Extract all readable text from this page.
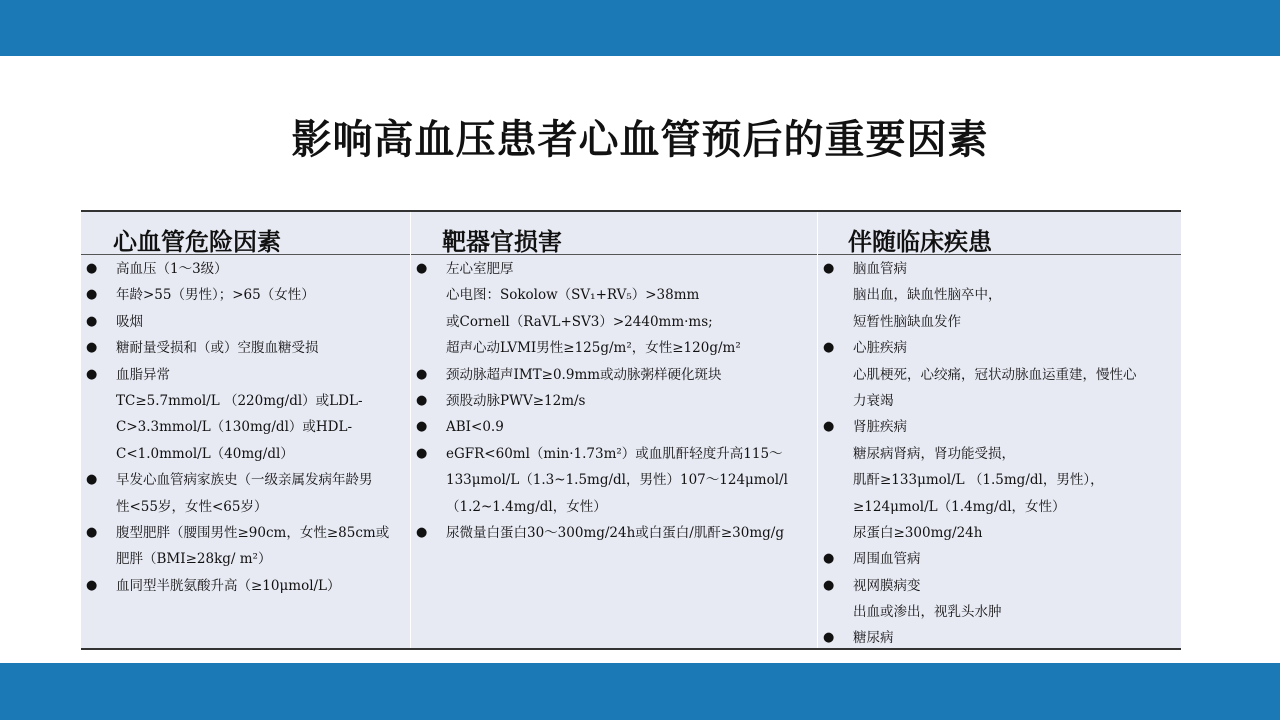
影响高血压患者心血管预后的重要因素
心血管危险因素	靶器官损害	伴随临床疾患
● 高血压（1～3级）
● 年龄>55（男性）；>65（女性）
● 吸烟
● 糖耐量受损和（或）空腹血糖受损
● 血脂异常
TC≥5.7mmol/L （220mg/dl）或LDL-
C>3.3mmol/L（130mg/dl）或HDL-
C<1.0mmol/L（40mg/dl）
● 早发心血管病家族史（一级亲属发病年龄男
性<55岁，女性<65岁）
● 腹型肥胖（腰围男性≥90cm，女性≥85cm或
肥胖（BMI≥28kg/ m²）
● 血同型半胱氨酸升高（≥10μmol/L）
● 左心室肥厚
心电图：Sokolow（SV₁+RV₅）>38mm
或Cornell（RaVL+SV3）>2440mm·ms;
超声心动LVMI男性≥125g/m²，女性≥120g/m²
● 颈动脉超声IMT≥0.9mm或动脉粥样硬化斑块
● 颈股动脉PWV≥12m/s
● ABI<0.9
● eGFR<60ml（min·1.73m²）或血肌酐轻度升高115～
133μmol/L（1.3~1.5mg/dl，男性）107～124μmol/l
（1.2~1.4mg/dl，女性）
● 尿微量白蛋白30～300mg/24h或白蛋白/肌酐≥30mg/g
● 脑血管病
脑出血，缺血性脑卒中，
短暂性脑缺血发作
● 心脏疾病
心肌梗死，心绞痛，冠状动脉血运重建，慢性心
力衰竭
● 肾脏疾病
糖尿病肾病，肾功能受损，
肌酐≥133μmol/L （1.5mg/dl，男性），
≥124μmol/L（1.4mg/dl，女性）
尿蛋白≥300mg/24h
● 周围血管病
● 视网膜病变
出血或渗出，视乳头水肿
● 糖尿病
